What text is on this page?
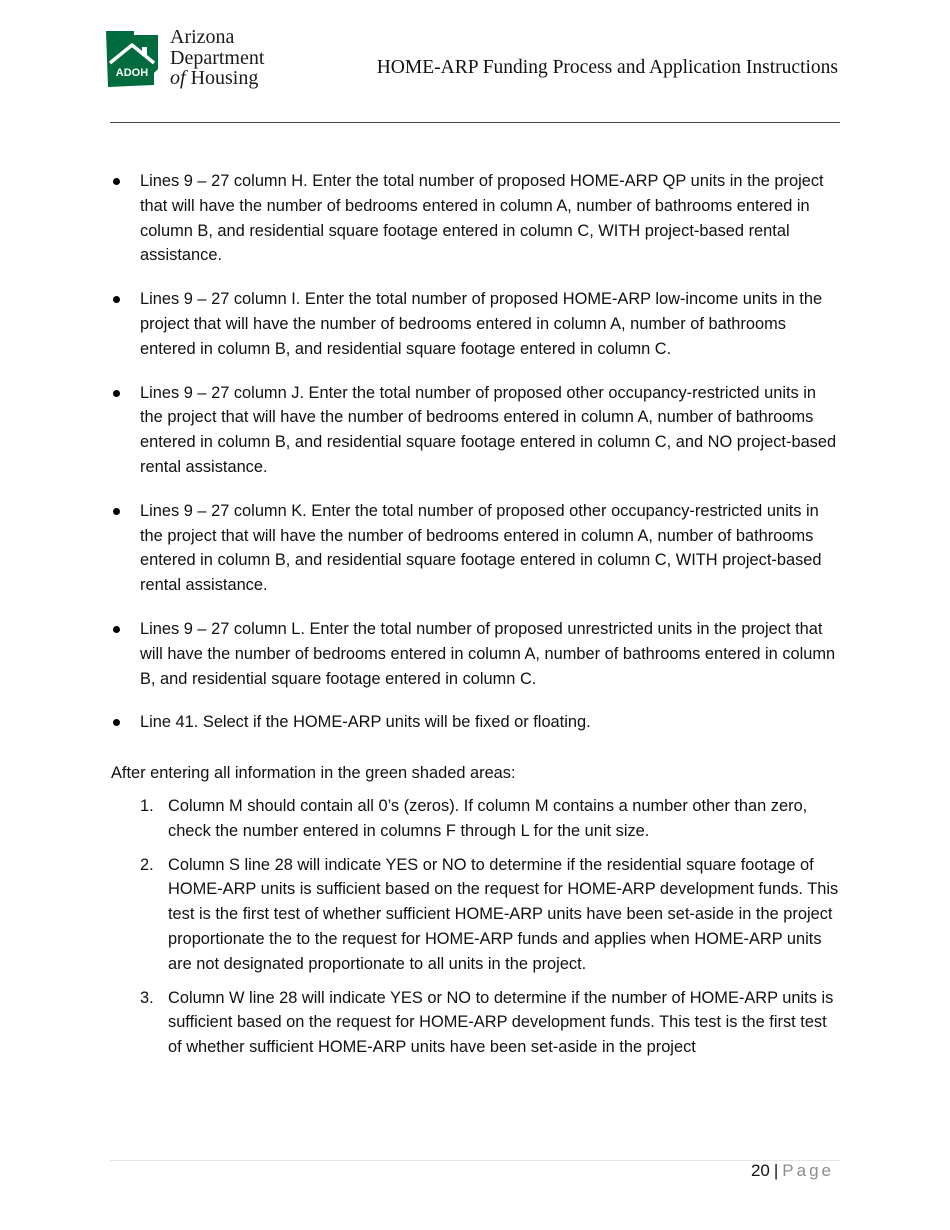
ADOH
Arizona
Department
of Housing	HOME-ARP Funding Process and Application Instructions
Lines 9 – 27 column H. Enter the total number of proposed HOME-ARP QP units in the project that will have the number of bedrooms entered in column A, number of bathrooms entered in column B, and residential square footage entered in column C, WITH project-based rental assistance.
Lines 9 – 27 column I. Enter the total number of proposed HOME-ARP low-income units in the project that will have the number of bedrooms entered in column A, number of bathrooms entered in column B, and residential square footage entered in column C.
Lines 9 – 27 column J. Enter the total number of proposed other occupancy-restricted units in the project that will have the number of bedrooms entered in column A, number of bathrooms entered in column B, and residential square footage entered in column C, and NO project-based rental assistance.
Lines 9 – 27 column K. Enter the total number of proposed other occupancy-restricted units in the project that will have the number of bedrooms entered in column A, number of bathrooms entered in column B, and residential square footage entered in column C, WITH project-based rental assistance.
Lines 9 – 27 column L. Enter the total number of proposed unrestricted units in the project that will have the number of bedrooms entered in column A, number of bathrooms entered in column B, and residential square footage entered in column C.
Line 41. Select if the HOME-ARP units will be fixed or floating.

After entering all information in the green shaded areas:

1. Column M should contain all 0’s (zeros). If column M contains a number other than zero, check the number entered in columns F through L for the unit size.
2. Column S line 28 will indicate YES or NO to determine if the residential square footage of HOME-ARP units is sufficient based on the request for HOME-ARP development funds. This test is the first test of whether sufficient HOME-ARP units have been set-aside in the project proportionate the to the request for HOME-ARP funds and applies when HOME-ARP units are not designated proportionate to all units in the project.
3. Column W line 28 will indicate YES or NO to determine if the number of HOME-ARP units is sufficient based on the request for HOME-ARP development funds. This test is the first test of whether sufficient HOME-ARP units have been set-aside in the project
20 | Page
